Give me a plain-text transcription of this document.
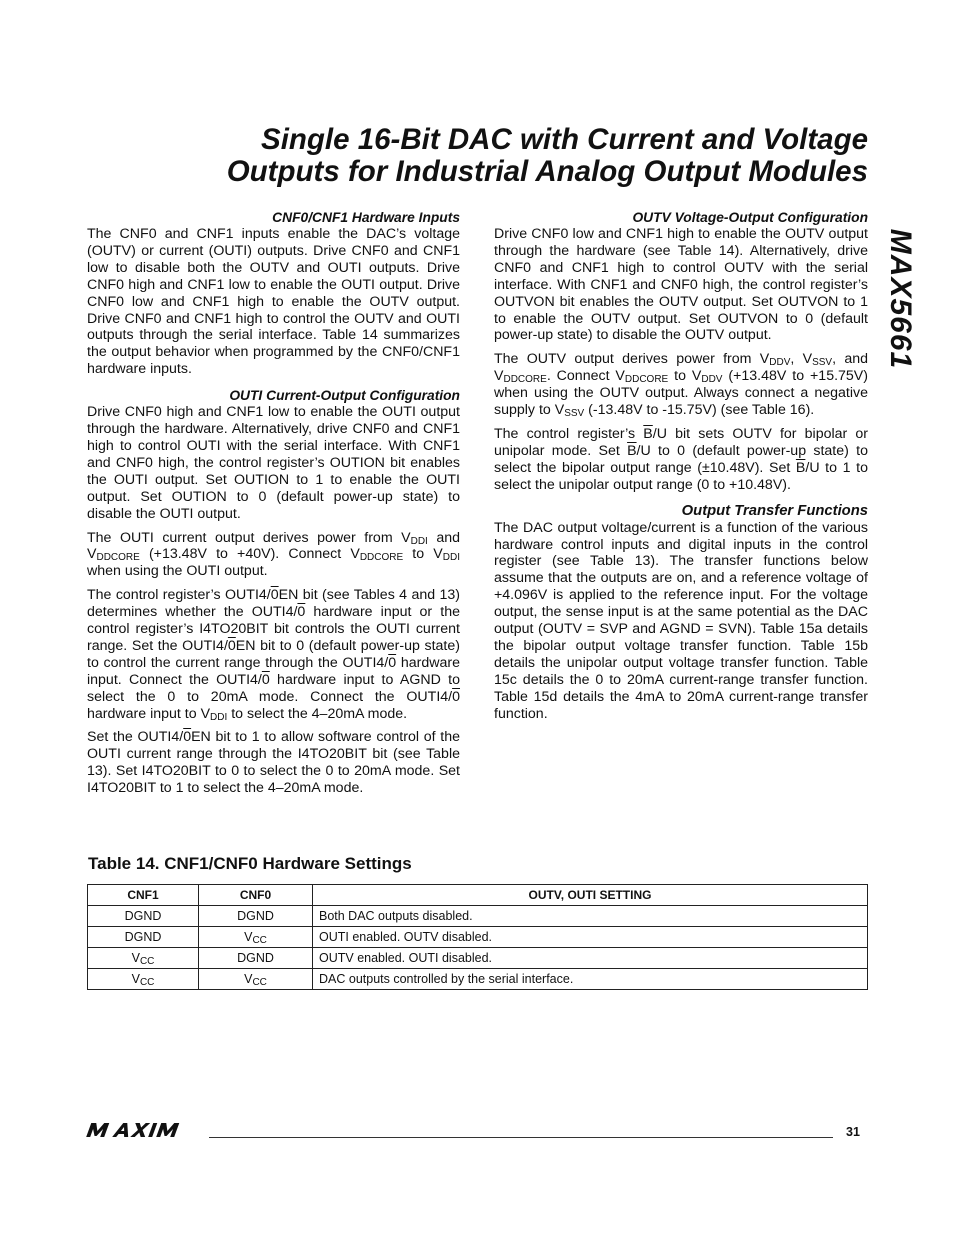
Single 16-Bit DAC with Current and Voltage
Outputs for Industrial Analog Output Modules
MAX5661
CNF0/CNF1 Hardware Inputs

The CNF0 and CNF1 inputs enable the DAC’s voltage (OUTV) or current (OUTI) outputs. Drive CNF0 and CNF1 low to disable both the OUTV and OUTI outputs. Drive CNF0 high and CNF1 low to enable the OUTI output. Drive CNF0 low and CNF1 high to enable the OUTV output. Drive CNF0 and CNF1 high to control the OUTV and OUTI outputs through the serial interface. Table 14 summarizes the output behavior when programmed by the CNF0/CNF1 hardware inputs.

OUTI Current-Output Configuration

Drive CNF0 high and CNF1 low to enable the OUTI output through the hardware. Alternatively, drive CNF0 and CNF1 high to control OUTI with the serial interface. With CNF1 and CNF0 high, the control register’s OUTION bit enables the OUTI output. Set OUTION to 1 to enable the OUTI output. Set OUTION to 0 (default power-up state) to disable the OUTI output.

The OUTI current output derives power from $V_{DDI}$ and $V_{DDCORE}$ (+13.48V to +40V). Connect $V_{DDCORE}$ to $V_{DDI}$ when using the OUTI output.

The control register’s OUTI4/0EN bit (see Tables 4 and 13) determines whether the OUTI4/0 hardware input or the control register’s I4TO20BIT bit controls the OUTI current range. Set the OUTI4/0EN bit to 0 (default power-up state) to control the current range through the OUTI4/0 hardware input. Connect the OUTI4/0 hardware input to AGND to select the 0 to 20mA mode. Connect the OUTI4/0 hardware input to $V_{DDI}$ to select the 4–20mA mode.

Set the OUTI4/0EN bit to 1 to allow software control of the OUTI current range through the I4TO20BIT bit (see Table 13). Set I4TO20BIT to 0 to select the 0 to 20mA mode. Set I4TO20BIT to 1 to select the 4–20mA mode.

OUTV Voltage-Output Configuration

Drive CNF0 low and CNF1 high to enable the OUTV output through the hardware (see Table 14). Alternatively, drive CNF0 and CNF1 high to control OUTV with the serial interface. With CNF1 and CNF0 high, the control register’s OUTVON bit enables the OUTV output. Set OUTVON to 1 to enable the OUTV output. Set OUTVON to 0 (default power-up state) to disable the OUTV output.

The OUTV output derives power from $V_{DDV}$, $V_{SSV}$, and $V_{DDCORE}$. Connect $V_{DDCORE}$ to $V_{DDV}$ (+13.48V to +15.75V) when using the OUTV output. Always connect a negative supply to $V_{SSV}$ (-13.48V to -15.75V) (see Table 16).

The control register’s $\overline{B}/U$ bit sets OUTV for bipolar or unipolar mode. Set $\overline{B}/U$ to 0 (default power-up state) to select the bipolar output range (±10.48V). Set $\overline{B}/U$ to 1 to select the unipolar output range (0 to +10.48V).

Output Transfer Functions

The DAC output voltage/current is a function of the various hardware control inputs and digital inputs in the control register (see Table 13). The transfer functions below assume that the outputs are on, and a reference voltage of +4.096V is applied to the reference input. For the voltage output, the sense input is at the same potential as the DAC output (OUTV = SVP and AGND = SVN). Table 15a details the bipolar output voltage transfer function. Table 15b details the unipolar output voltage transfer function. Table 15c details the 0 to 20mA current-range transfer function. Table 15d details the 4mA to 20mA current-range transfer function.

Table 14. CNF1/CNF0 Hardware Settings
CNF1	CNF0	OUTV, OUTI SETTING
DGND	DGND	Both DAC outputs disabled.
DGND	$V_{CC}$	OUTI enabled. OUTV disabled.
$V_{CC}$	DGND	OUTV enabled. OUTI disabled.
$V_{CC}$	$V_{CC}$	DAC outputs controlled by the serial interface.
31
